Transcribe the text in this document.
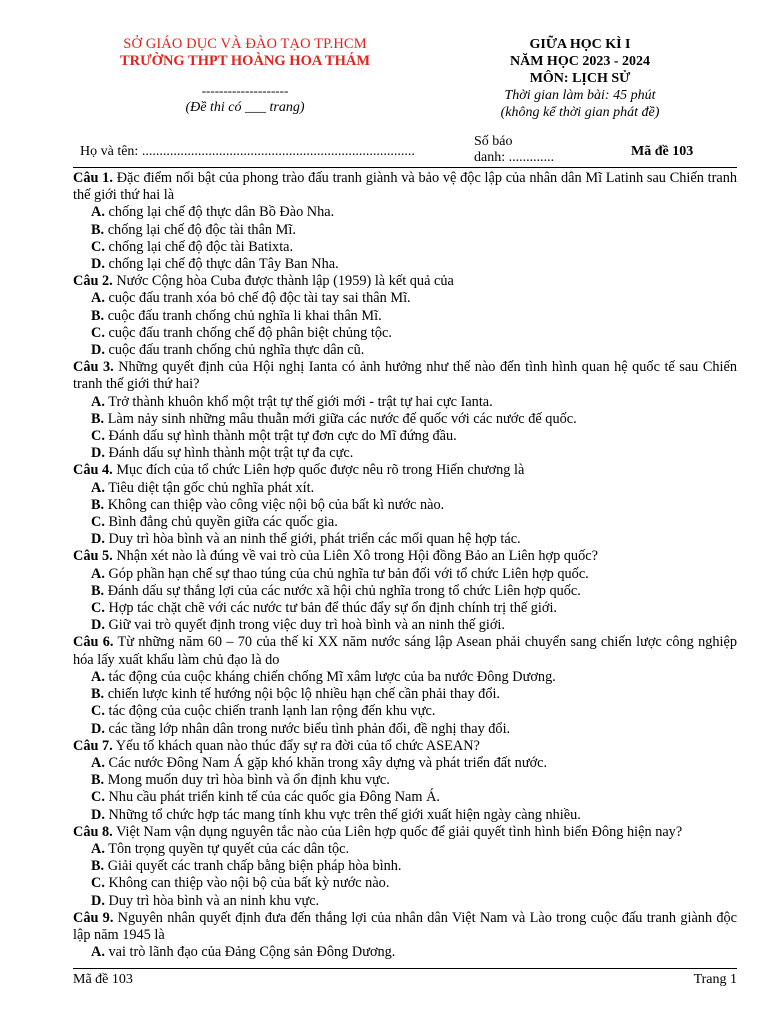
SỞ GIÁO DỤC VÀ ĐÀO TẠO TP.HCM
TRƯỜNG THPT HOÀNG HOA THÁM
--------------------
(Đề thi có ___ trang)
GIỮA HỌC KÌ I
NĂM HỌC 2023 - 2024
MÔN: LỊCH SỬ
Thời gian làm bài: 45 phút
(không kể thời gian phát đề)
Họ và tên: ..............................................................................
Số báo
danh: .............	Mã đề 103
Câu 1. Đặc điểm nổi bật của phong trào đấu tranh giành và bảo vệ độc lập của nhân dân Mĩ Latinh sau Chiến tranh thế giới thứ hai là
A. chống lại chế độ thực dân Bồ Đào Nha.
B. chống lại chế độ độc tài thân Mĩ.
C. chống lại chế độ độc tài Batixta.
D. chống lại chế độ thực dân Tây Ban Nha.
Câu 2. Nước Cộng hòa Cuba được thành lập (1959) là kết quả của
A. cuộc đấu tranh xóa bỏ chế độ độc tài tay sai thân Mĩ.
B. cuộc đấu tranh chống chủ nghĩa li khai thân Mĩ.
C. cuộc đấu tranh chống chế độ phân biệt chủng tộc.
D. cuộc đấu tranh chống chủ nghĩa thực dân cũ.
Câu 3. Những quyết định của Hội nghị Ianta có ảnh hưởng như thế nào đến tình hình quan hệ quốc tế sau Chiến tranh thế giới thứ hai?
A. Trở thành khuôn khổ một trật tự thế giới mới - trật tự hai cực Ianta.
B. Làm nảy sinh những mâu thuẫn mới giữa các nước đế quốc với các nước đế quốc.
C. Đánh dấu sự hình thành một trật tự đơn cực do Mĩ đứng đầu.
D. Đánh dấu sự hình thành một trật tự đa cực.
Câu 4. Mục đích của tổ chức Liên hợp quốc được nêu rõ trong Hiến chương là
A. Tiêu diệt tận gốc chủ nghĩa phát xít.
B. Không can thiệp vào công việc nội bộ của bất kì nước nào.
C. Bình đẳng chủ quyền giữa các quốc gia.
D. Duy trì hòa bình và an ninh thế giới, phát triển các mối quan hệ hợp tác.
Câu 5. Nhận xét nào là đúng về vai trò của Liên Xô trong Hội đồng Bảo an Liên hợp quốc?
A. Góp phần hạn chế sự thao túng của chủ nghĩa tư bản đối với tổ chức Liên hợp quốc.
B. Đánh dấu sự thắng lợi của các nước xã hội chủ nghĩa trong tổ chức Liên hợp quốc.
C. Hợp tác chặt chẽ với các nước tư bản để thúc đẩy sự ổn định chính trị thế giới.
D. Giữ vai trò quyết định trong việc duy trì hoà bình và an ninh thế giới.
Câu 6. Từ những năm 60 – 70 của thế kỉ XX năm nước sáng lập Asean phải chuyển sang chiến lược công nghiệp hóa lấy xuất khẩu làm chủ đạo là do
A. tác động của cuộc kháng chiến chống Mĩ xâm lược của ba nước Đông Dương.
B. chiến lược kinh tế hướng nội bộc lộ nhiều hạn chế cần phải thay đổi.
C. tác động của cuộc chiến tranh lạnh lan rộng đến khu vực.
D. các tầng lớp nhân dân trong nước biểu tình phản đối, đề nghị thay đổi.
Câu 7. Yếu tố khách quan nào thúc đẩy sự ra đời của tổ chức ASEAN?
A. Các nước Đông Nam Á gặp khó khăn trong xây dựng và phát triển đất nước.
B. Mong muốn duy trì hòa bình và ổn định khu vực.
C. Nhu cầu phát triển kinh tế của các quốc gia Đông Nam Á.
D. Những tổ chức hợp tác mang tính khu vực trên thế giới xuất hiện ngày càng nhiều.
Câu 8. Việt Nam vận dụng nguyên tắc nào của Liên hợp quốc để giải quyết tình hình biển Đông hiện nay?
A. Tôn trọng quyền tự quyết của các dân tộc.
B. Giải quyết các tranh chấp bằng biện pháp hòa bình.
C. Không can thiệp vào nội bộ của bất kỳ nước nào.
D. Duy trì hòa bình và an ninh khu vực.
Câu 9. Nguyên nhân quyết định đưa đến thắng lợi của nhân dân Việt Nam và Lào trong cuộc đấu tranh giành độc lập năm 1945 là
A. vai trò lãnh đạo của Đảng Cộng sản Đông Dương.
Mã đề 103	Trang 1
